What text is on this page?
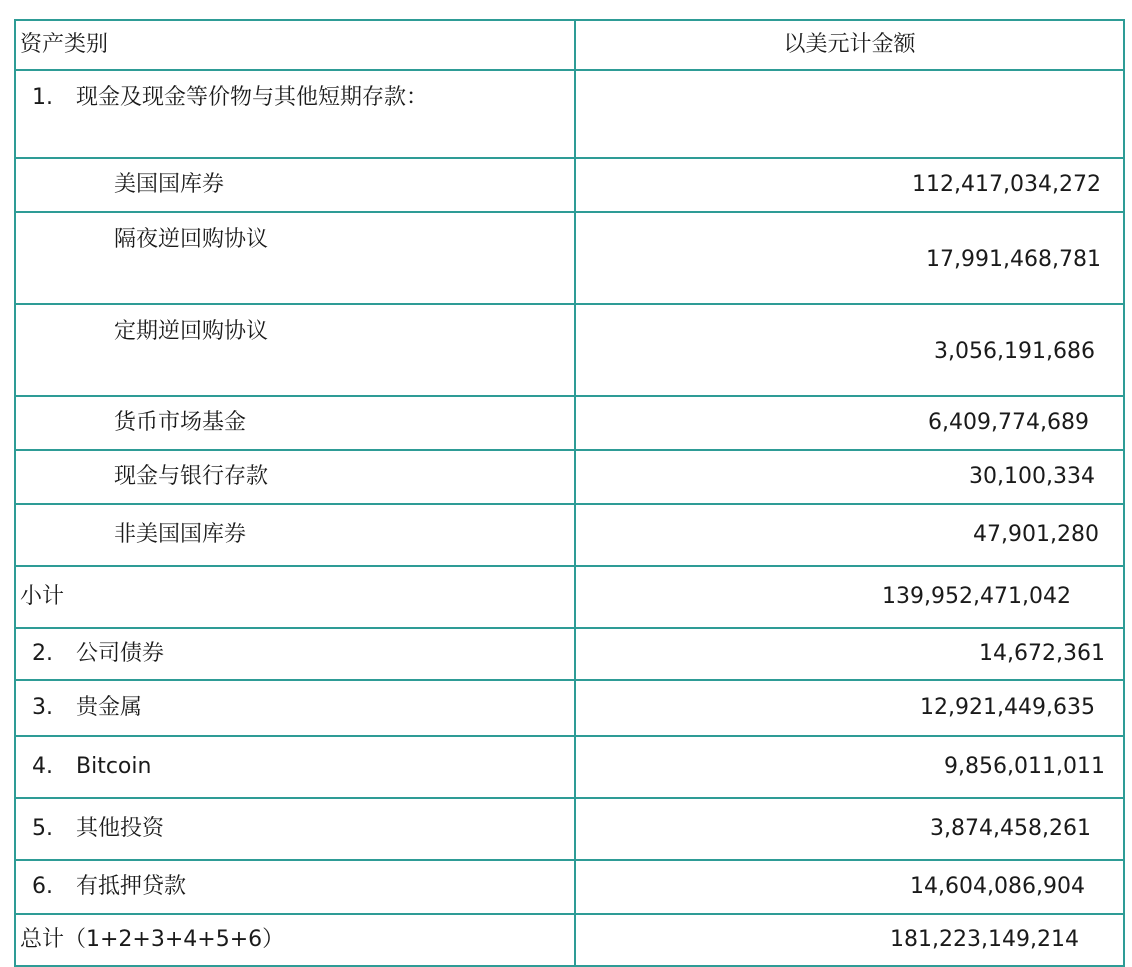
资产类别	以美元计金额
1. 现金及现金等价物与其他短期存款：	
美国国库券	112,417,034,272
隔夜逆回购协议	17,991,468,781
定期逆回购协议	3,056,191,686
货币市场基金	6,409,774,689
现金与银行存款	30,100,334
非美国国库券	47,901,280
小计	139,952,471,042
2. 公司债券	14,672,361
3. 贵金属	12,921,449,635
4. Bitcoin	9,856,011,011
5. 其他投资	3,874,458,261
6. 有抵押贷款	14,604,086,904
总计（1+2+3+4+5+6）	181,223,149,214
